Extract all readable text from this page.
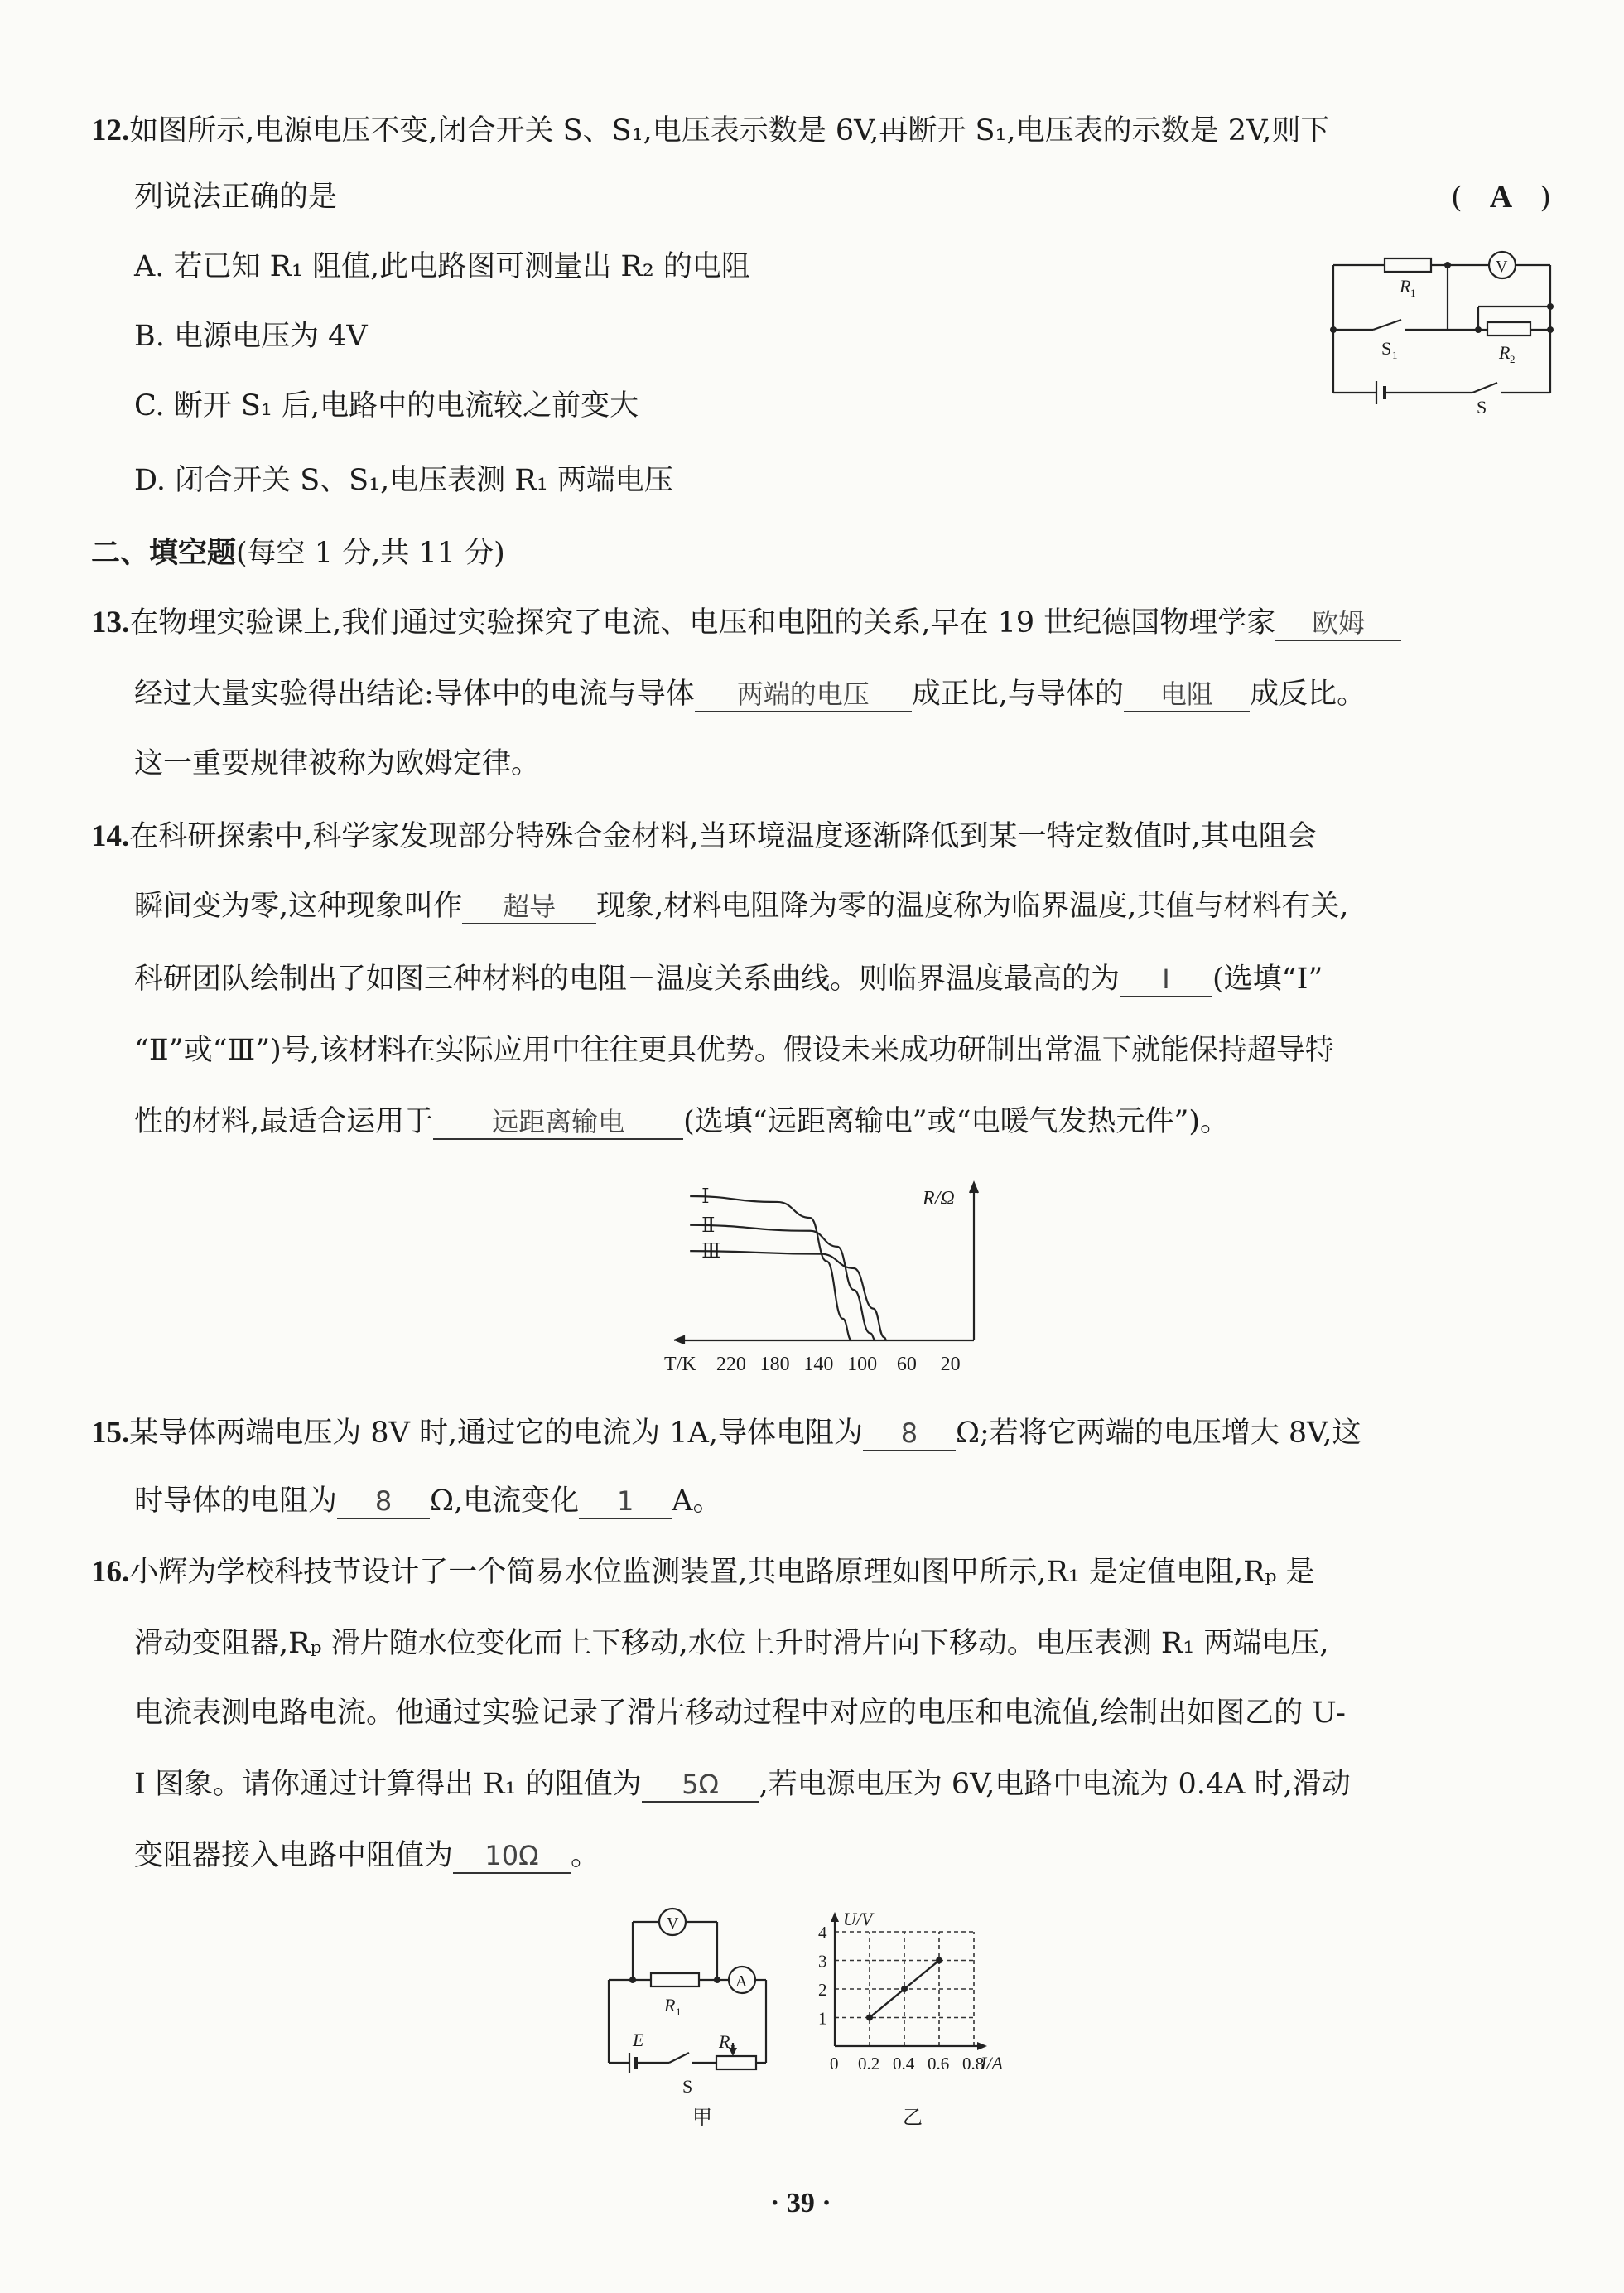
12.如图所示,电源电压不变,闭合开关 S、S₁,电压表示数是 6V,再断开 S₁,电压表的示数是 2V,则下
列说法正确的是	( A )
A. 若已知 R₁ 阻值,此电路图可测量出 R₂ 的电阻
B. 电源电压为 4V
C. 断开 S₁ 后,电路中的电流较之前变大
D. 闭合开关 S、S₁,电压表测 R₁ 两端电压
R 1
V
S 1	R 2
S
二、填空题(每空 1 分,共 11 分)
13.在物理实验课上,我们通过实验探究了电流、电压和电阻的关系,早在 19 世纪德国物理学家 欧姆
经过大量实验得出结论:导体中的电流与导体 两端的电压 成正比,与导体的 电阻 成反比。
这一重要规律被称为欧姆定律。
14.在科研探索中,科学家发现部分特殊合金材料,当环境温度逐渐降低到某一特定数值时,其电阻会
瞬间变为零,这种现象叫作 超导 现象,材料电阻降为零的温度称为临界温度,其值与材料有关,
科研团队绘制出了如图三种材料的电阻－温度关系曲线。则临界温度最高的为 Ⅰ (选填“Ⅰ”
“Ⅱ”或“Ⅲ”)号,该材料在实际应用中往往更具优势。假设未来成功研制出常温下就能保持超导特
性的材料,最适合运用于 远距离输电 (选填“远距离输电”或“电暖气发热元件”)。
Ⅰ
Ⅱ
Ⅲ
220 180 140 100 60 20
T/K
R/Ω
15.某导体两端电压为 8V 时,通过它的电流为 1A,导体电阻为 8 Ω;若将它两端的电压增大 8V,这
时导体的电阻为 8 Ω,电流变化 1 A。
16.小辉为学校科技节设计了一个简易水位监测装置,其电路原理如图甲所示,R₁ 是定值电阻,Rₚ 是
滑动变阻器,Rₚ 滑片随水位变化而上下移动,水位上升时滑片向下移动。电压表测 R₁ 两端电压,
电流表测电路电流。他通过实验记录了滑片移动过程中对应的电压和电流值,绘制出如图乙的 U-
I 图象。请你通过计算得出 R₁ 的阻值为 5Ω ,若电源电压为 6V,电路中电流为 0.4A 时,滑动
变阻器接入电路中阻值为 10Ω 。
V
A
R 1
E	R P
S
甲
0 0.2 0.4 0.6 0.8
1
2
3
4
U/V
I/A
乙
· 39 ·
